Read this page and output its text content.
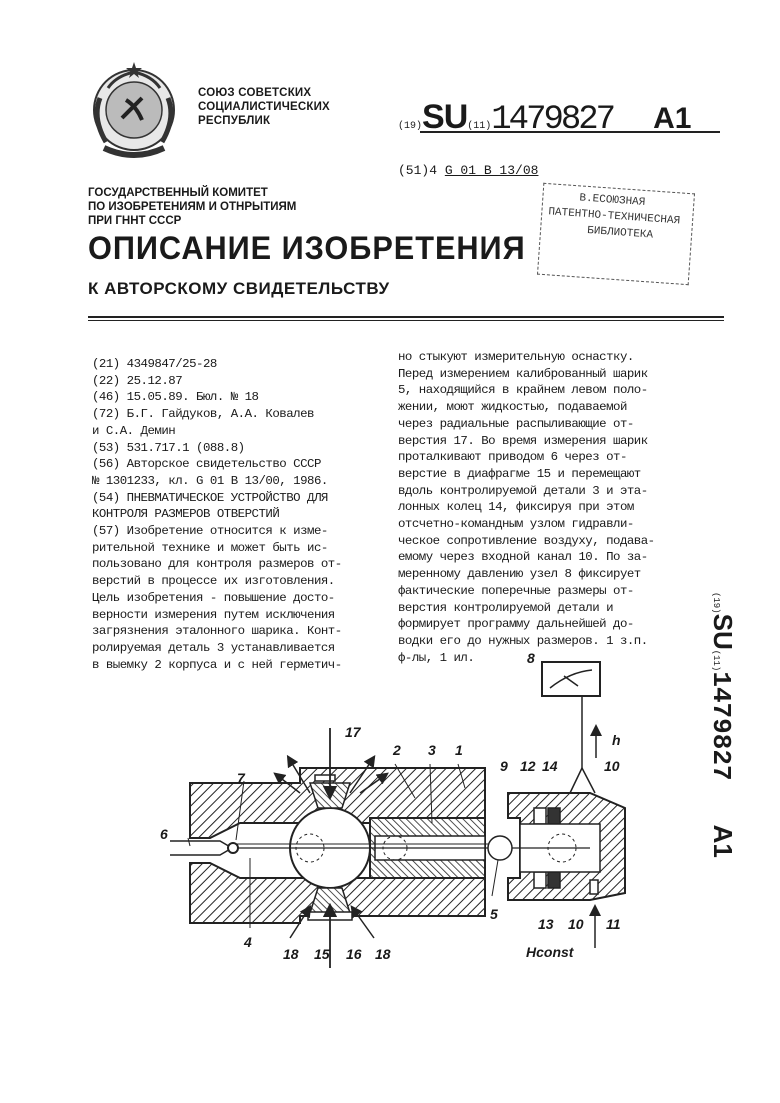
СОЮЗ СОВЕТСКИХ
СОЦИАЛИСТИЧЕСКИХ
РЕСПУБЛИК	(19)SU(11)1479827 A1
(51)4 G 01 B 13/08
В.ЕСОЮЗНАЯ
ПАТЕНТНО-ТЕХНИЧЕСНАЯ
БИБЛИОТЕКА
ГОСУДАРСТВЕННЫЙ КОМИТЕТ
ПО ИЗОБРЕТЕНИЯМ И ОТНРЫТИЯМ
ПРИ ГННТ СССР
ОПИСАНИЕ ИЗОБРЕТЕНИЯ
К АВТОРСКОМУ СВИДЕТЕЛЬСТВУ
(21) 4349847/25-28
(22) 25.12.87
(46) 15.05.89. Бюл. № 18
(72) Б.Г. Гайдуков, А.А. Ковалев
и С.А. Демин
(53) 531.717.1 (088.8)
(56) Авторское свидетельство СССР
№ 1301233, кл. G 01 B 13/00, 1986.
(54) ПНЕВМАТИЧЕСКОЕ УСТРОЙСТВО ДЛЯ
КОНТРОЛЯ РАЗМЕРОВ ОТВЕРСТИЙ
(57) Изобретение относится к изме-
рительной технике и может быть ис-
пользовано для контроля размеров от-
верстий в процессе их изготовления.
Цель изобретения - повышение досто-
верности измерения путем исключения
загрязнения эталонного шарика. Конт-
ролируемая деталь 3 устанавливается
в выемку 2 корпуса и с ней герметич-
но стыкуют измерительную оснастку.
Перед измерением калиброванный шарик
5, находящийся в крайнем левом поло-
жении, моют жидкостью, подаваемой
через радиальные распыливающие от-
верстия 17. Во время измерения шарик
проталкивают приводом 6 через от-
верстие в диафрагме 15 и перемещают
вдоль контролируемой детали 3 и эта-
лонных колец 14, фиксируя при этом
отсчетно-командным узлом гидравли-
ческое сопротивление воздуху, подава-
емому через входной канал 10. По за-
меренному давлению узел 8 фиксирует
фактические поперечные размеры от-
верстия контролируемой детали и
формирует программу дальнейшей до-
водки его до нужных размеров. 1 з.п.
ф-лы, 1 ил.
(19)SU(11)1479827A1
1
2 3
4
5
6
7
8
9	10
10 11
12
13
14
15 16
17
18	18
h
Нconst
